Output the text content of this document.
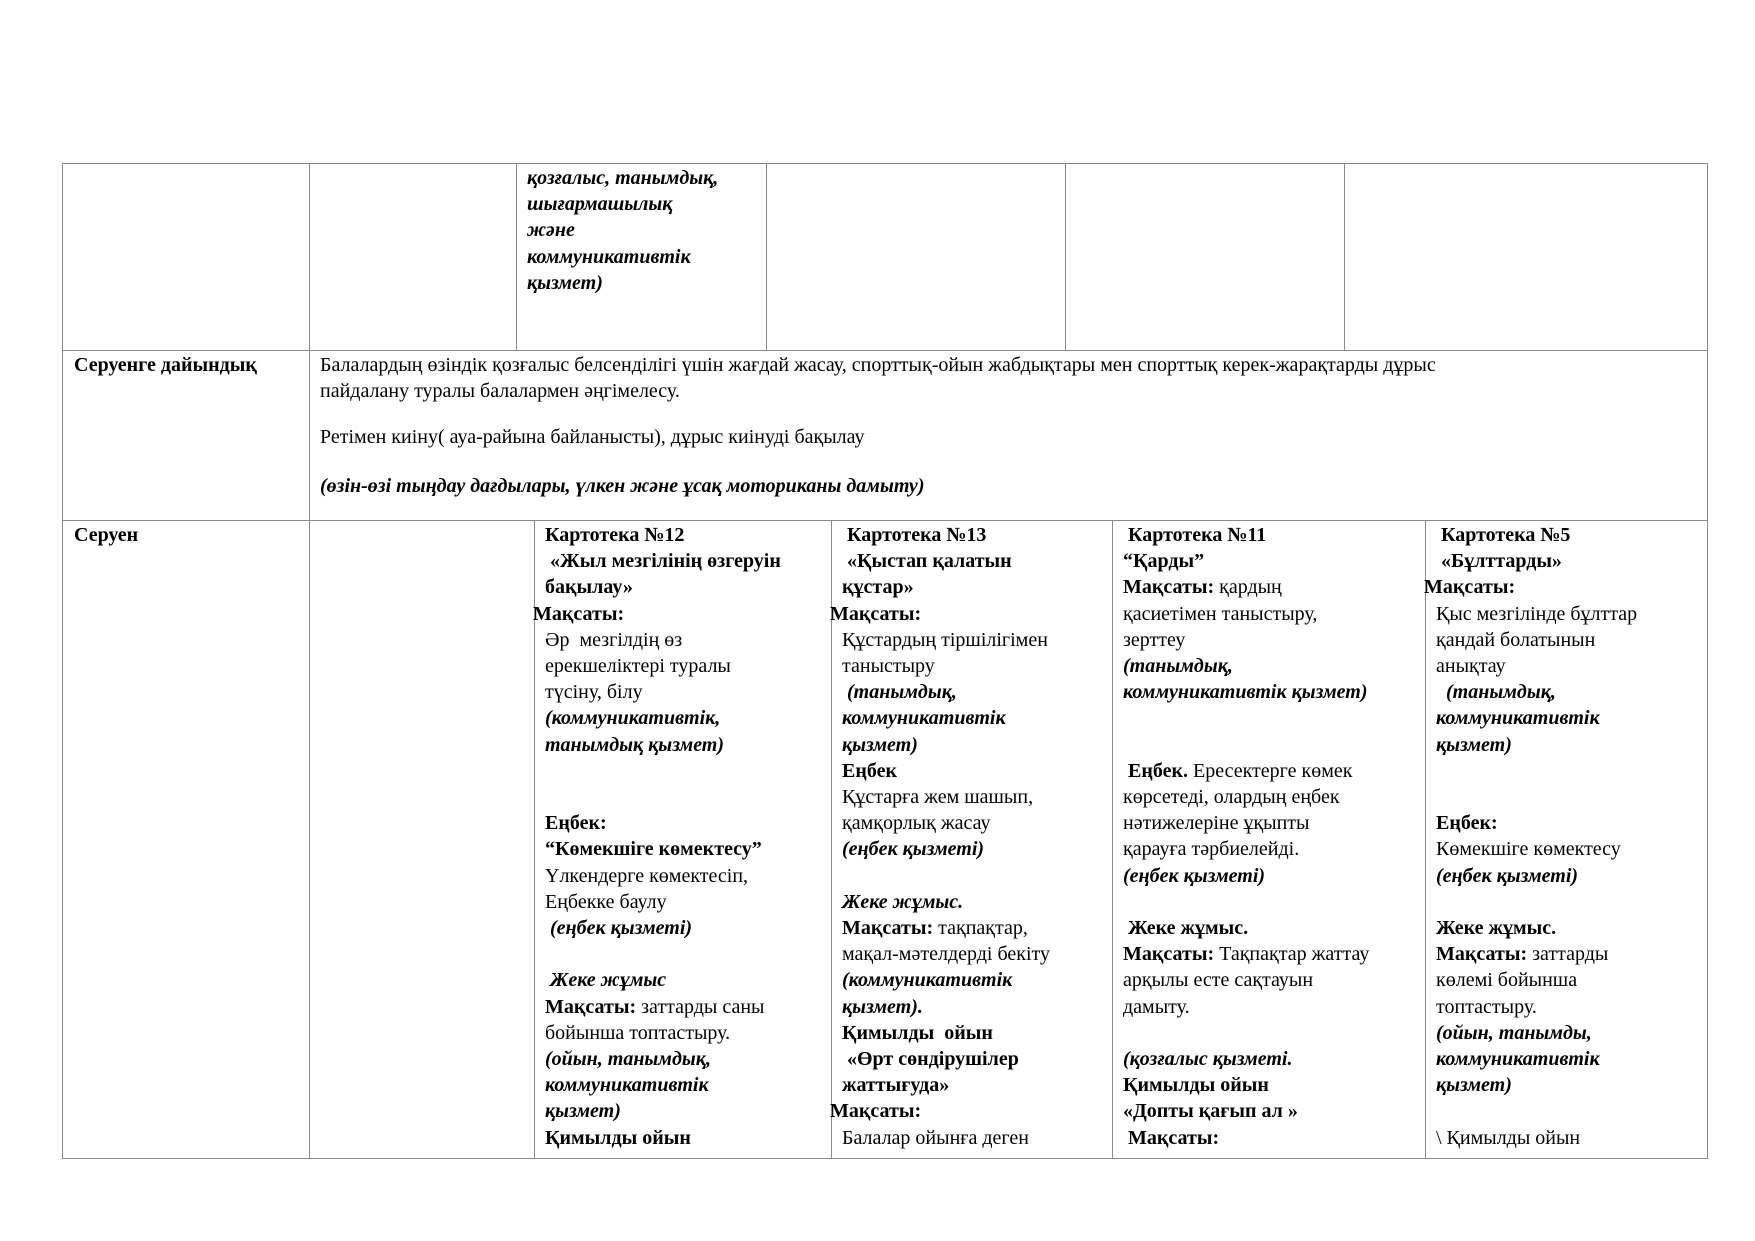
қозғалыс, танымдық,
шығармашылық
және
коммуникативтік
қызмет)
Серуенге дайындық	Балалардың өзіндік қозғалыс белсенділігі үшін жағдай жасау, спорттық-ойын жабдықтары мен спорттық керек-жарақтарды дұрыс
пайдалану туралы балалармен әңгімелесу.
Ретімен киіну( ауа-райына байланысты), дұрыс киінуді бақылау
(өзін-өзі тыңдау дағдылары, үлкен және ұсақ моториканы дамыту)
Серуен	Картотека №12
«Жыл мезгілінің өзгеруін
бақылау»
Мақсаты:
Әр  мезгілдің өз
ерекшеліктері туралы
түсіну, білу
(коммуникативтік,
танымдық қызмет)

Еңбек:
“Көмекшіге көмектесу”
Үлкендерге көмектесіп,
Еңбекке баулу
(еңбек қызметі)

Жеке жұмыс
Мақсаты: заттарды саны
бойынша топтастыру.
(ойын, танымдық,
коммуникативтік
қызмет)
Қимылды ойын
Картотека №13
«Қыстап қалатын
құстар»
Мақсаты:
Құстардың тіршілігімен
таныстыру
(танымдық,
коммуникативтік
қызмет)
Еңбек
Құстарға жем шашып,
қамқорлық жасау
(еңбек қызметі)

Жеке жұмыс.
Мақсаты: тақпақтар,
мақал-мәтелдерді бекіту
(коммуникативтік
қызмет).
Қимылды  ойын
«Өрт сөндірушілер
жаттығуда»
Мақсаты:
Балалар ойынға деген
Картотека №11
“Қарды”
Мақсаты: қардың
қасиетімен таныстыру,
зерттеу
(танымдық,
коммуникативтік қызмет)

Еңбек. Ересектерге көмек
көрсетеді, олардың еңбек
нәтижелеріне ұқыпты
қарауға тәрбиелейді.
(еңбек қызметі)

Жеке жұмыс.
Мақсаты: Тақпақтар жаттау
арқылы есте сақтауын
дамыту.

(қозғалыс қызметі.
Қимылды ойын
«Допты қағып ал »
Мақсаты:
Картотека №5
«Бұлттарды»
Мақсаты:
Қыс мезгілінде бұлттар
қандай болатынын
анықтау
(танымдық,
коммуникативтік
қызмет)

Еңбек:
Көмекшіге көмектесу
(еңбек қызметі)

Жеке жұмыс.
Мақсаты: заттарды
көлемі бойынша
топтастыру.
(ойын, танымды,
коммуникативтік
қызмет)

\ Қимылды ойын
